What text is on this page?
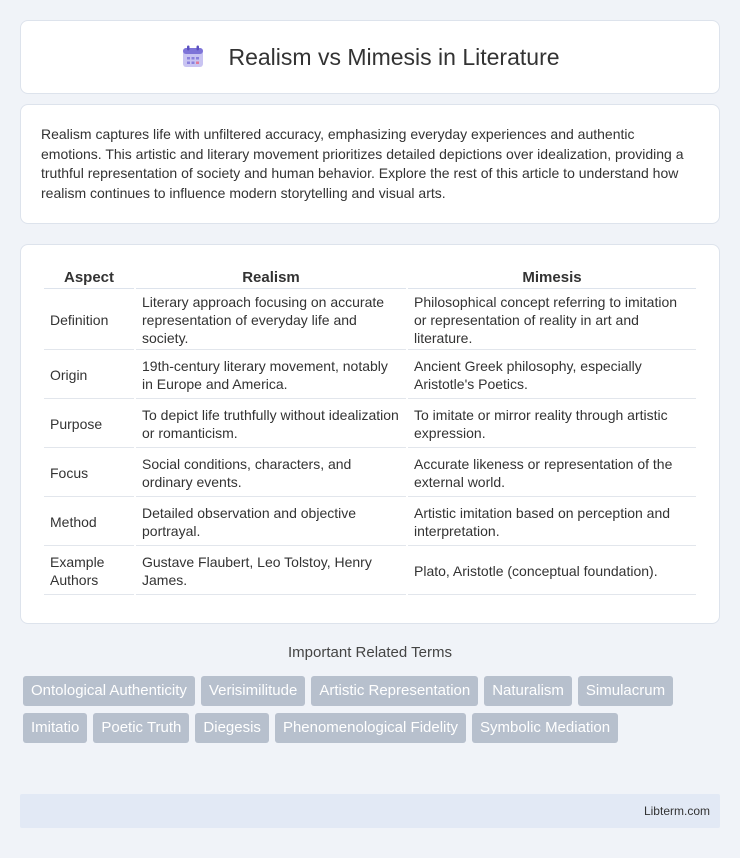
Realism vs Mimesis in Literature

Realism captures life with unfiltered accuracy, emphasizing everyday experiences and authentic emotions. This artistic and literary movement prioritizes detailed depictions over idealization, providing a truthful representation of society and human behavior. Explore the rest of this article to understand how realism continues to influence modern storytelling and visual arts.

Aspect	Realism	Mimesis
Definition	Literary approach focusing on accurate representation of everyday life and society.	Philosophical concept referring to imitation or representation of reality in art and literature.
Origin	19th-century literary movement, notably in Europe and America.	Ancient Greek philosophy, especially Aristotle's Poetics.
Purpose	To depict life truthfully without idealization or romanticism.	To imitate or mirror reality through artistic expression.
Focus	Social conditions, characters, and ordinary events.	Accurate likeness or representation of the external world.
Method	Detailed observation and objective portrayal.	Artistic imitation based on perception and interpretation.
Example Authors	Gustave Flaubert, Leo Tolstoy, Henry James.	Plato, Aristotle (conceptual foundation).
Important Related Terms
Ontological Authenticity	Verisimilitude	Artistic Representation	Naturalism	Simulacrum
Imitatio	Poetic Truth	Diegesis	Phenomenological Fidelity	Symbolic Mediation
Libterm.com
